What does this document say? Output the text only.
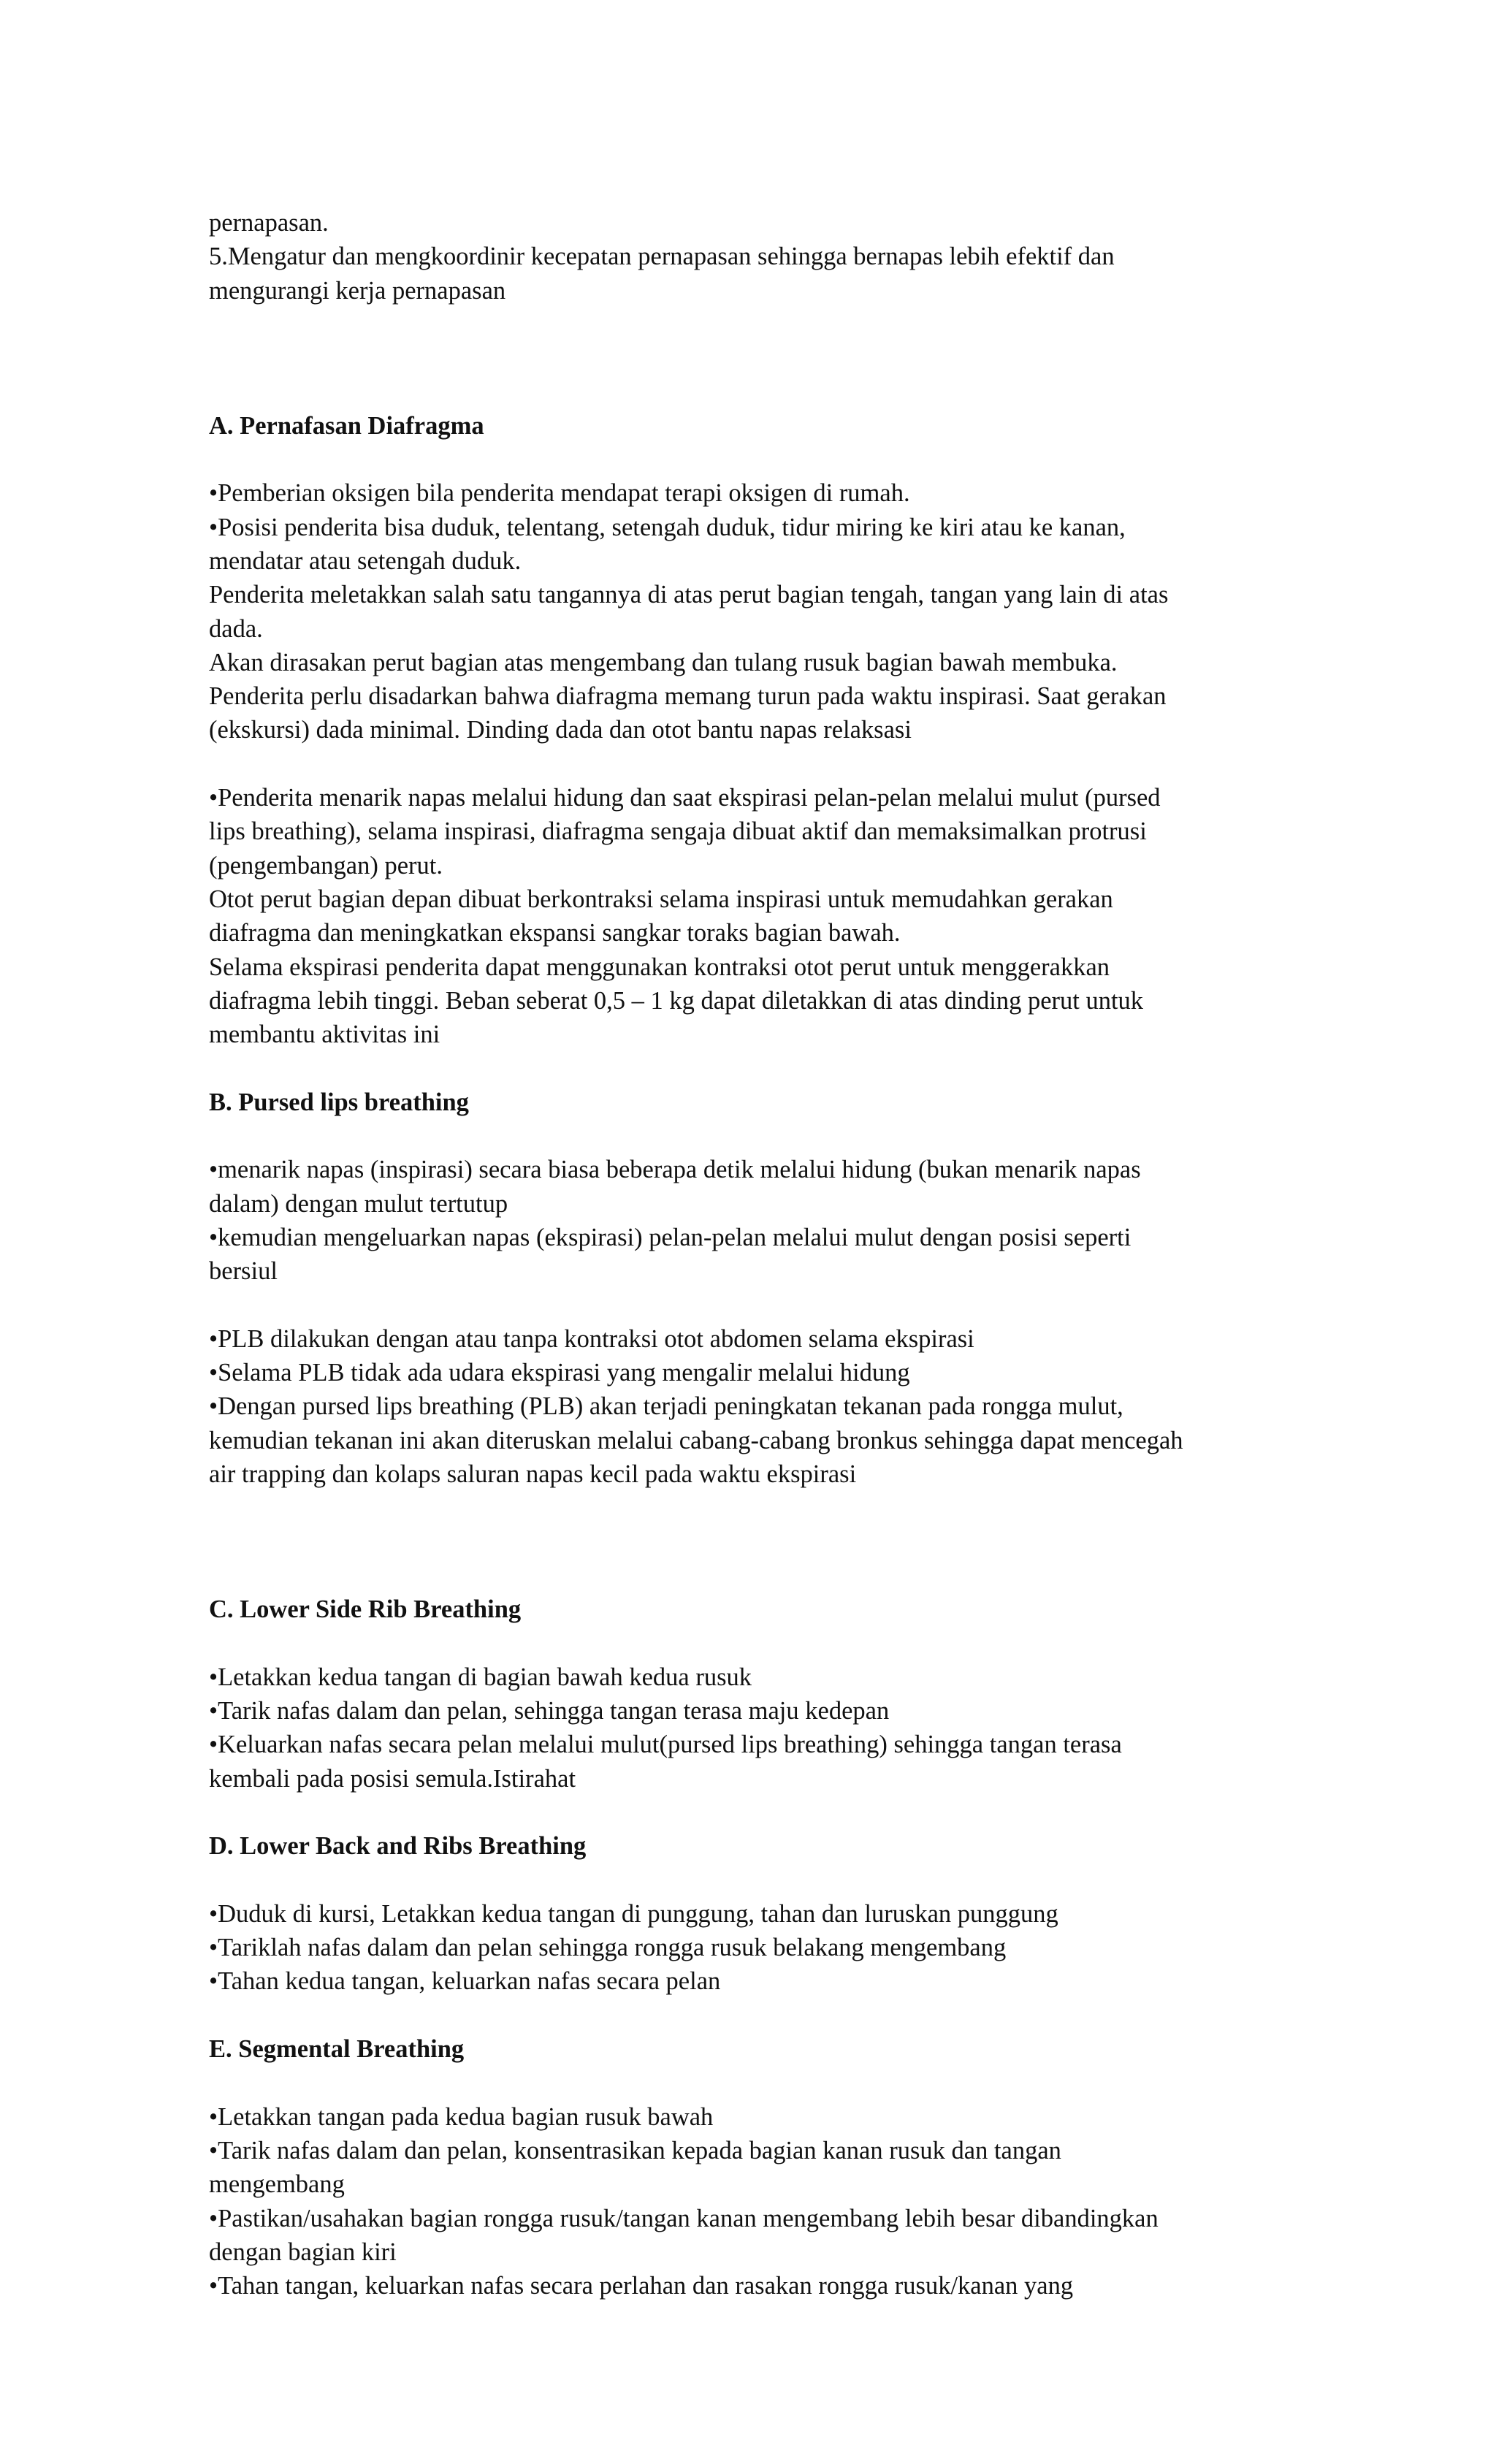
pernapasan.
5.Mengatur dan mengkoordinir kecepatan pernapasan sehingga bernapas lebih efektif dan
mengurangi kerja pernapasan
A. Pernafasan Diafragma
•Pemberian oksigen bila penderita mendapat terapi oksigen di rumah.
•Posisi penderita bisa duduk, telentang, setengah duduk, tidur miring ke kiri atau ke kanan,
mendatar atau setengah duduk.
Penderita meletakkan salah satu tangannya di atas perut bagian tengah, tangan yang lain di atas
dada.
Akan dirasakan perut bagian atas mengembang dan tulang rusuk bagian bawah membuka.
Penderita perlu disadarkan bahwa diafragma memang turun pada waktu inspirasi. Saat gerakan
(ekskursi) dada minimal. Dinding dada dan otot bantu napas relaksasi
•Penderita menarik napas melalui hidung dan saat ekspirasi pelan-pelan melalui mulut (pursed
lips breathing), selama inspirasi, diafragma sengaja dibuat aktif dan memaksimalkan protrusi
(pengembangan) perut.
Otot perut bagian depan dibuat berkontraksi selama inspirasi untuk memudahkan gerakan
diafragma dan meningkatkan ekspansi sangkar toraks bagian bawah.
Selama ekspirasi penderita dapat menggunakan kontraksi otot perut untuk menggerakkan
diafragma lebih tinggi. Beban seberat 0,5 – 1 kg dapat diletakkan di atas dinding perut untuk
membantu aktivitas ini
B. Pursed lips breathing
•menarik napas (inspirasi) secara biasa beberapa detik melalui hidung (bukan menarik napas
dalam) dengan mulut tertutup
•kemudian mengeluarkan napas (ekspirasi) pelan-pelan melalui mulut dengan posisi seperti
bersiul
•PLB dilakukan dengan atau tanpa kontraksi otot abdomen selama ekspirasi
•Selama PLB tidak ada udara ekspirasi yang mengalir melalui hidung
•Dengan pursed lips breathing (PLB) akan terjadi peningkatan tekanan pada rongga mulut,
kemudian tekanan ini akan diteruskan melalui cabang-cabang bronkus sehingga dapat mencegah
air trapping dan kolaps saluran napas kecil pada waktu ekspirasi
C. Lower Side Rib Breathing
•Letakkan kedua tangan di bagian bawah kedua rusuk
•Tarik nafas dalam dan pelan, sehingga tangan terasa maju kedepan
•Keluarkan nafas secara pelan melalui mulut(pursed lips breathing) sehingga tangan terasa
kembali pada posisi semula.Istirahat
D. Lower Back and Ribs Breathing
•Duduk di kursi, Letakkan kedua tangan di punggung, tahan dan luruskan punggung
•Tariklah nafas dalam dan pelan sehingga rongga rusuk belakang mengembang
•Tahan kedua tangan, keluarkan nafas secara pelan
E. Segmental Breathing
•Letakkan tangan pada kedua bagian rusuk bawah
•Tarik nafas dalam dan pelan, konsentrasikan kepada bagian kanan rusuk dan tangan
mengembang
•Pastikan/usahakan bagian rongga rusuk/tangan kanan mengembang lebih besar dibandingkan
dengan bagian kiri
•Tahan tangan, keluarkan nafas secara perlahan dan rasakan rongga rusuk/kanan yang
